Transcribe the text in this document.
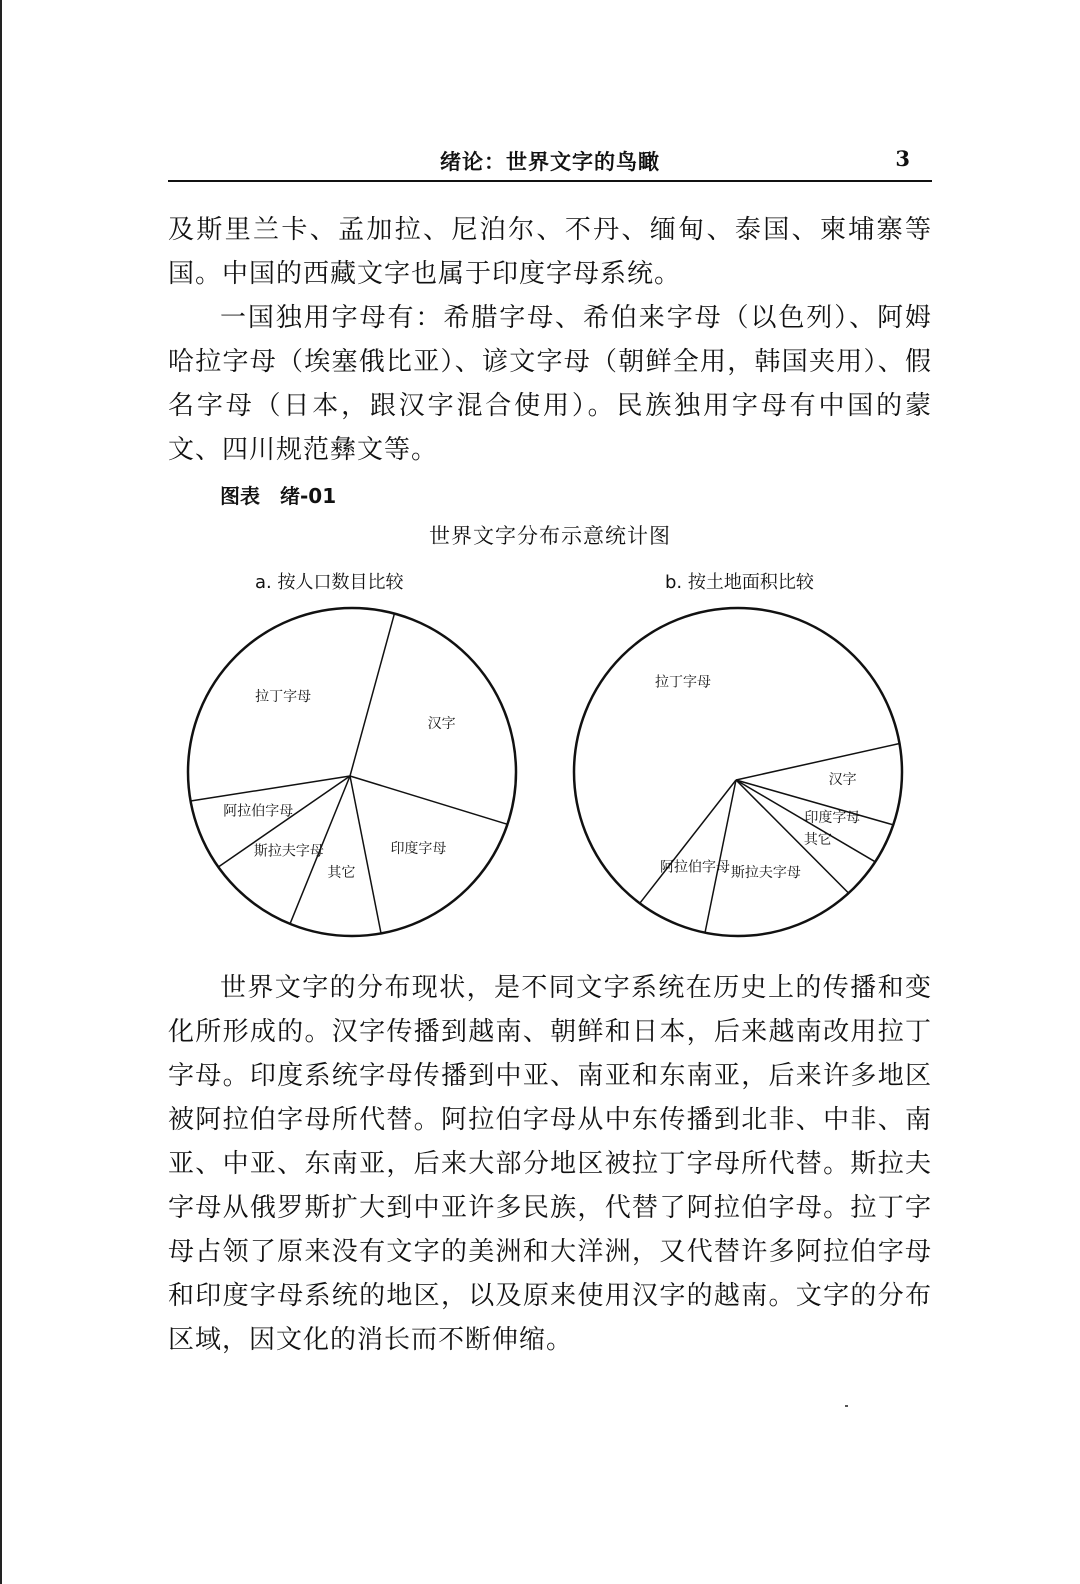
绪论：世界文字的鸟瞰	3

及斯里兰卡、孟加拉、尼泊尔、不丹、缅甸、泰国、柬埔寨等国。中国的西藏文字也属于印度字母系统。

一国独用字母有：希腊字母、希伯来字母（以色列）、阿姆哈拉字母（埃塞俄比亚）、谚文字母（朝鲜全用，韩国夹用）、假名字母（日本，跟汉字混合使用）。民族独用字母有中国的蒙文、四川规范彝文等。

图表　绪-01
世界文字分布示意统计图
a. 按人口数目比较	b. 按土地面积比较
汉字
印度字母
其它
斯拉夫字母
阿拉伯字母
拉丁字母
汉字
印度字母
其它
斯拉夫字母
阿拉伯字母
拉丁字母

世界文字的分布现状，是不同文字系统在历史上的传播和变化所形成的。汉字传播到越南、朝鲜和日本，后来越南改用拉丁字母。印度系统字母传播到中亚、南亚和东南亚，后来许多地区被阿拉伯字母所代替。阿拉伯字母从中东传播到北非、中非、南亚、中亚、东南亚，后来大部分地区被拉丁字母所代替。斯拉夫字母从俄罗斯扩大到中亚许多民族，代替了阿拉伯字母。拉丁字母占领了原来没有文字的美洲和大洋洲，又代替许多阿拉伯字母和印度字母系统的地区，以及原来使用汉字的越南。文字的分布区域，因文化的消长而不断伸缩。
